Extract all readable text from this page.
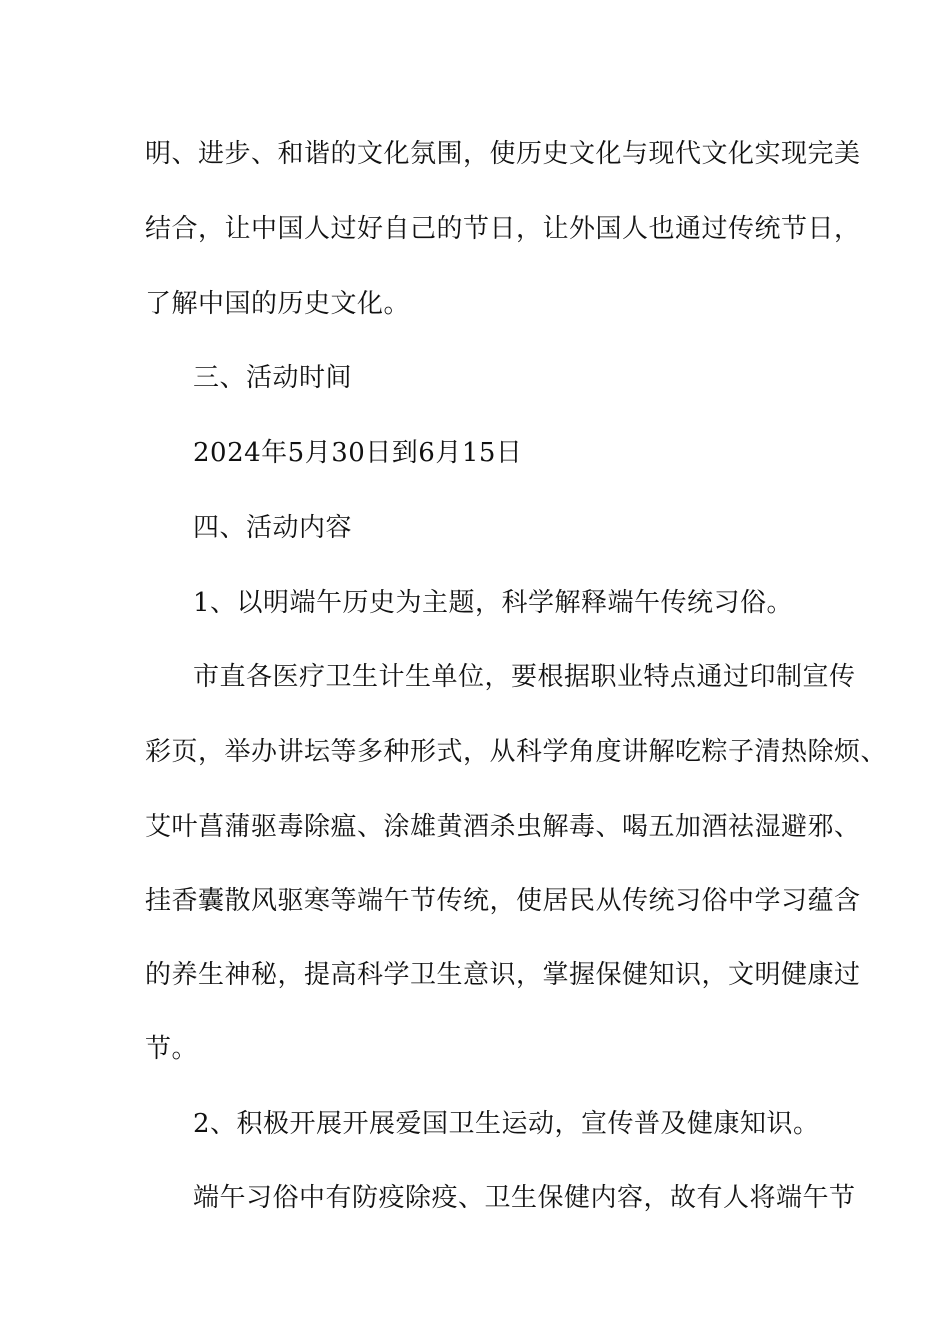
明、进步、和谐的文化氛围，使历史文化与现代文化实现完美
结合，让中国人过好自己的节日，让外国人也通过传统节日，
了解中国的历史文化。
三、活动时间
2024年5月30日到6月15日
四、活动内容
1、以明端午历史为主题，科学解释端午传统习俗。
市直各医疗卫生计生单位，要根据职业特点通过印制宣传
彩页，举办讲坛等多种形式，从科学角度讲解吃粽子清热除烦、
艾叶菖蒲驱毒除瘟、涂雄黄酒杀虫解毒、喝五加酒祛湿避邪、
挂香囊散风驱寒等端午节传统，使居民从传统习俗中学习蕴含
的养生神秘，提高科学卫生意识，掌握保健知识，文明健康过
节。
2、积极开展开展爱国卫生运动，宣传普及健康知识。
端午习俗中有防疫除疫、卫生保健内容，故有人将端午节
